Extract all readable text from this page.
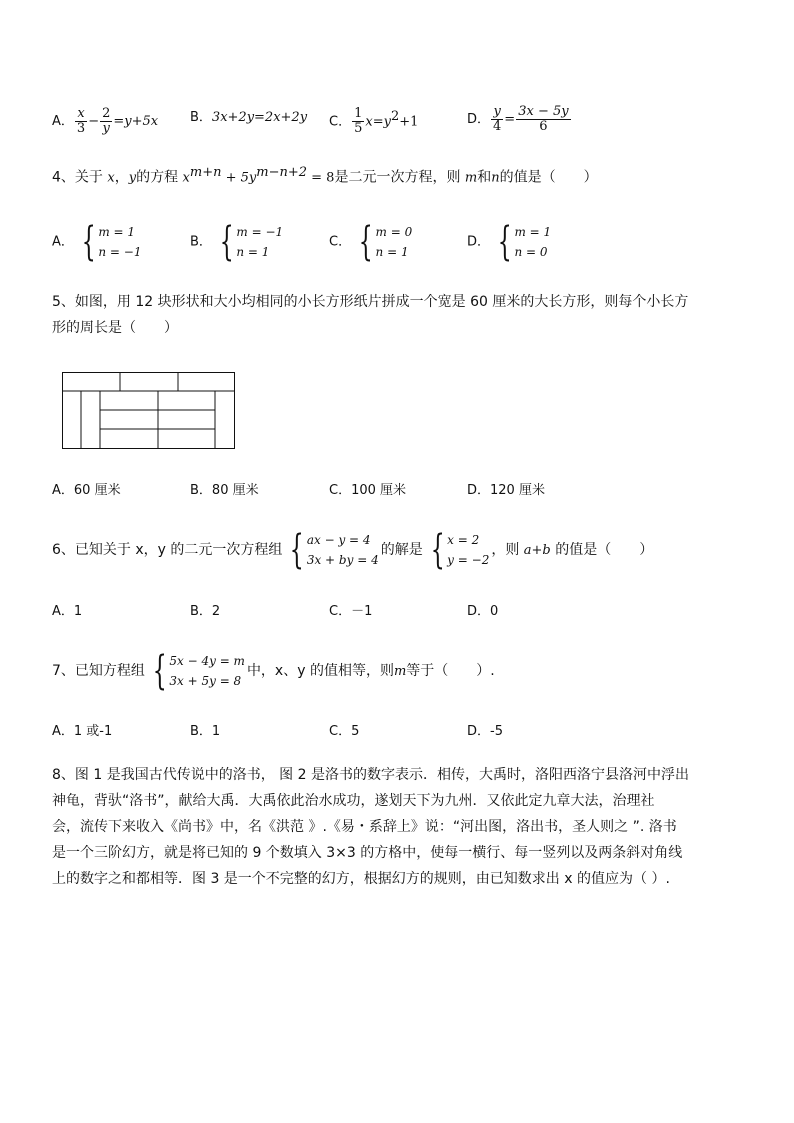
A． $\frac{x}{3} - \frac{2}{y} =y+5x$ B．3x+2y=2x+2y C． $\frac{1}{5} x=y^2+1$	D． $\frac{y}{4} = \frac{3x - 5y}{6}$
4、关于 x，y的方程 $x^{m+n} + 5y^{m-n+2} = 8$是二元一次方程，则 m和n的值是（　　）
A． { m = 1
n = −1
B． { m = −1
n = 1
C． { m = 0
n = 1
D． { m = 1
n = 0
5、如图，用 12 块形状和大小均相同的小长方形纸片拼成一个宽是 60 厘米的大长方形，则每个小长方
形的周长是（　　）
A．60 厘米	B．80 厘米	C．100 厘米	D．120 厘米
6、已知关于 x，y 的二元一次方程组 { ax − y = 4
3x + by = 4
的解是 { x = 2
y = −2
，则 a+b 的值是（　　）
A．1	B．2	C．－1	D．0
7、已知方程组 { 5x − 4y = m
3x + 5y = 8
中，x、y 的值相等，则m等于（　　）.
A．1 或-1	B．1	C．5	D．-5
8、图 1 是我国古代传说中的洛书， 图 2 是洛书的数字表示．相传，大禹时，洛阳西洛宁县洛河中浮出
神龟，背驮“洛书”，献给大禹．大禹依此治水成功，遂划天下为九州．又依此定九章大法，治理社
会，流传下来收入《尚书》中，名《洪范 》.《易・系辞上》说：“河出图，洛出书，圣人则之 ”. 洛书
是一个三阶幻方，就是将已知的 9 个数填入 3×3 的方格中，使每一横行、每一竖列以及两条斜对角线
上的数字之和都相等．图 3 是一个不完整的幻方，根据幻方的规则，由已知数求出 x 的值应为（ ）.
